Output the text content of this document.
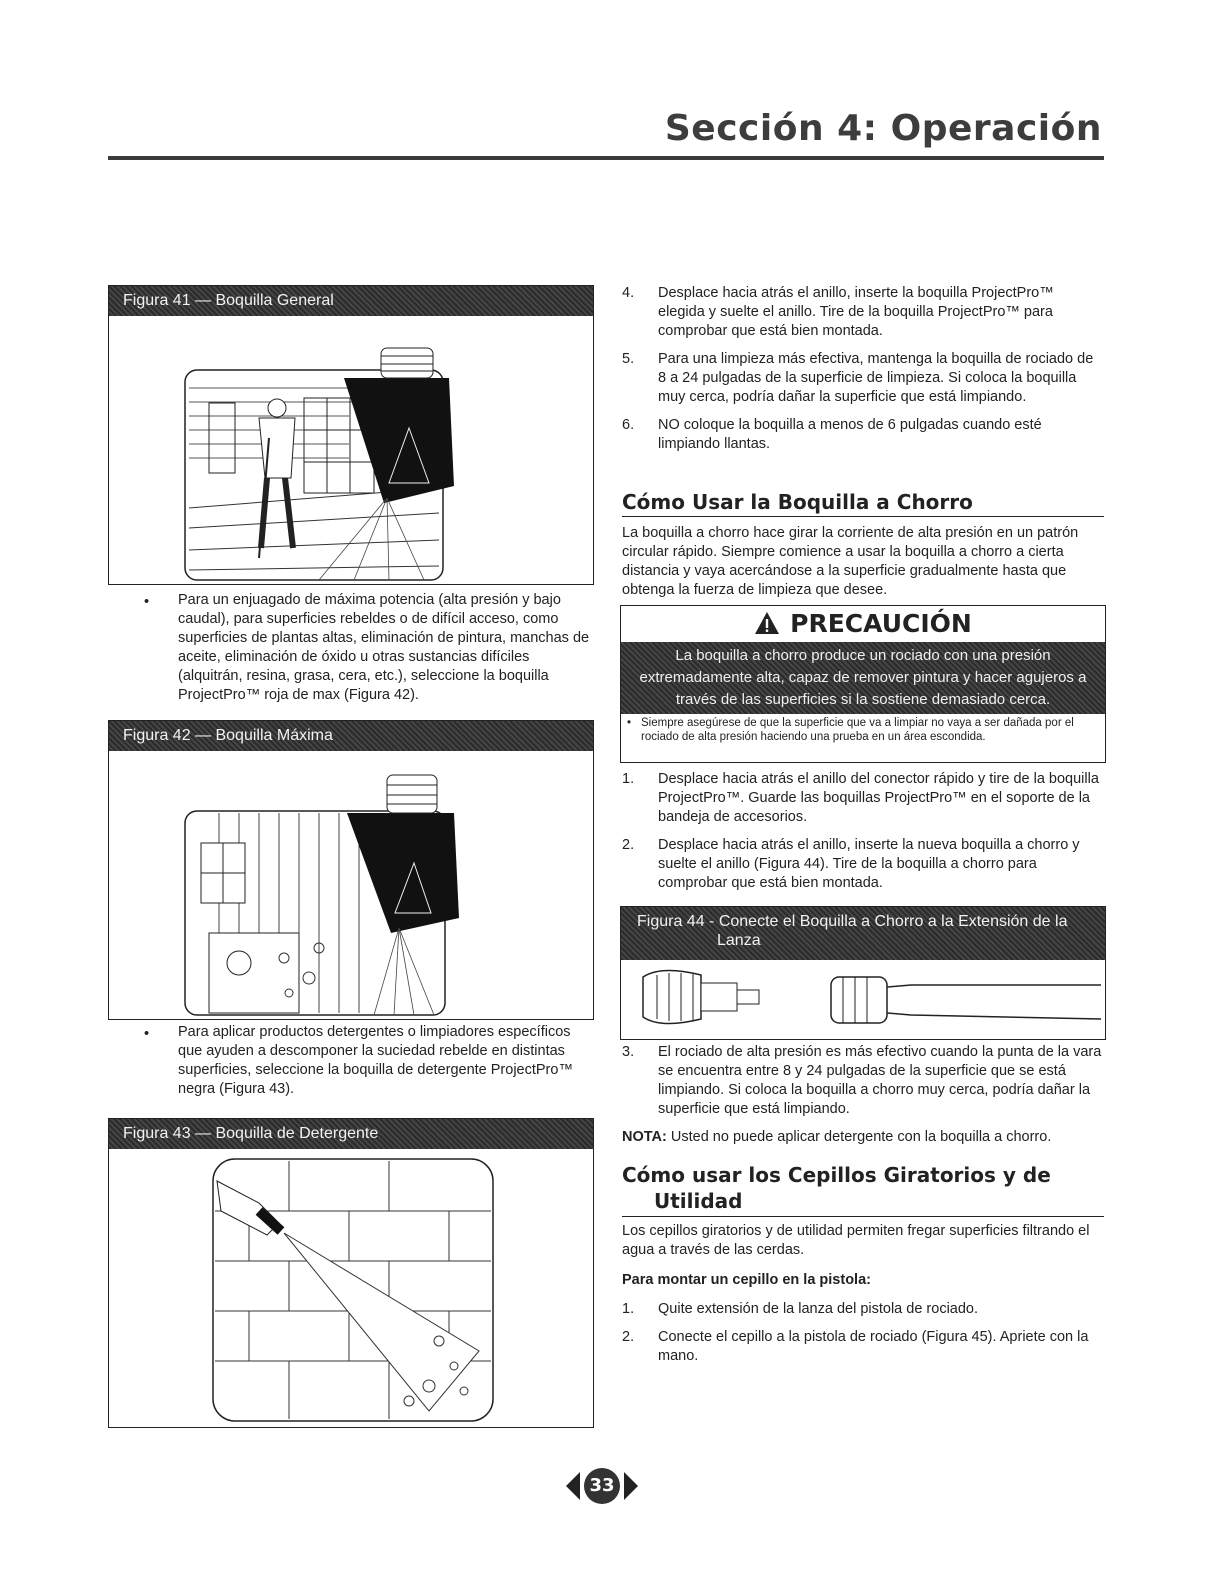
Sección 4: Operación
Figura 41 — Boquilla General
• Para un enjuagado de máxima potencia (alta presión y bajo caudal), para superficies rebeldes o de difícil acceso, como superficies de plantas altas, eliminación de pintura, manchas de aceite, eliminación de óxido u otras sustancias difíciles (alquitrán, resina, grasa, cera, etc.), seleccione la boquilla ProjectPro™ roja de max (Figura 42).
Figura 42 — Boquilla Máxima
• Para aplicar productos detergentes o limpiadores específicos que ayuden a descomponer la suciedad rebelde en distintas superficies, seleccione la boquilla de detergente ProjectPro™ negra (Figura 43).
Figura 43 — Boquilla de Detergente
4. Desplace hacia atrás el anillo, inserte la boquilla ProjectPro™ elegida y suelte el anillo. Tire de la boquilla ProjectPro™ para comprobar que está bien montada.
5. Para una limpieza más efectiva, mantenga la boquilla de rociado de 8 a 24 pulgadas de la superficie de limpieza. Si coloca la boquilla muy cerca, podría dañar la superficie que está limpiando.
6. NO coloque la boquilla a menos de 6 pulgadas cuando esté limpiando llantas.
Cómo Usar la Boquilla a Chorro
La boquilla a chorro hace girar la corriente de alta presión en un patrón circular rápido. Siempre comience a usar la boquilla a chorro a cierta distancia y vaya acercándose a la superficie gradualmente hasta que obtenga la fuerza de limpieza que desee.
PRECAUCIÓN
La boquilla a chorro produce un rociado con una presión extremadamente alta, capaz de remover pintura y hacer agujeros a través de las superficies si la sostiene demasiado cerca.
• Siempre asegúrese de que la superficie que va a limpiar no vaya a ser dañada por el rociado de alta presión haciendo una prueba en un área escondida.
1. Desplace hacia atrás el anillo del conector rápido y tire de la boquilla ProjectPro™. Guarde las boquillas ProjectPro™ en el soporte de la bandeja de accesorios.
2. Desplace hacia atrás el anillo, inserte la nueva boquilla a chorro y suelte el anillo (Figura 44). Tire de la boquilla a chorro para comprobar que está bien montada.
Figura 44 - Conecte el Boquilla a Chorro a la Extensión de la
Lanza
3. El rociado de alta presión es más efectivo cuando la punta de la vara se encuentra entre 8 y 24 pulgadas de la superficie que se está limpiando. Si coloca la boquilla a chorro muy cerca, podría dañar la superficie que está limpiando.
NOTA: Usted no puede aplicar detergente con la boquilla a chorro.
Cómo usar los Cepillos Giratorios y de
Utilidad
Los cepillos giratorios y de utilidad permiten fregar superficies filtrando el agua a través de las cerdas.
Para montar un cepillo en la pistola:
1. Quite extensión de la lanza del pistola de rociado.
2. Conecte el cepillo a la pistola de rociado (Figura 45). Apriete con la mano.
33
